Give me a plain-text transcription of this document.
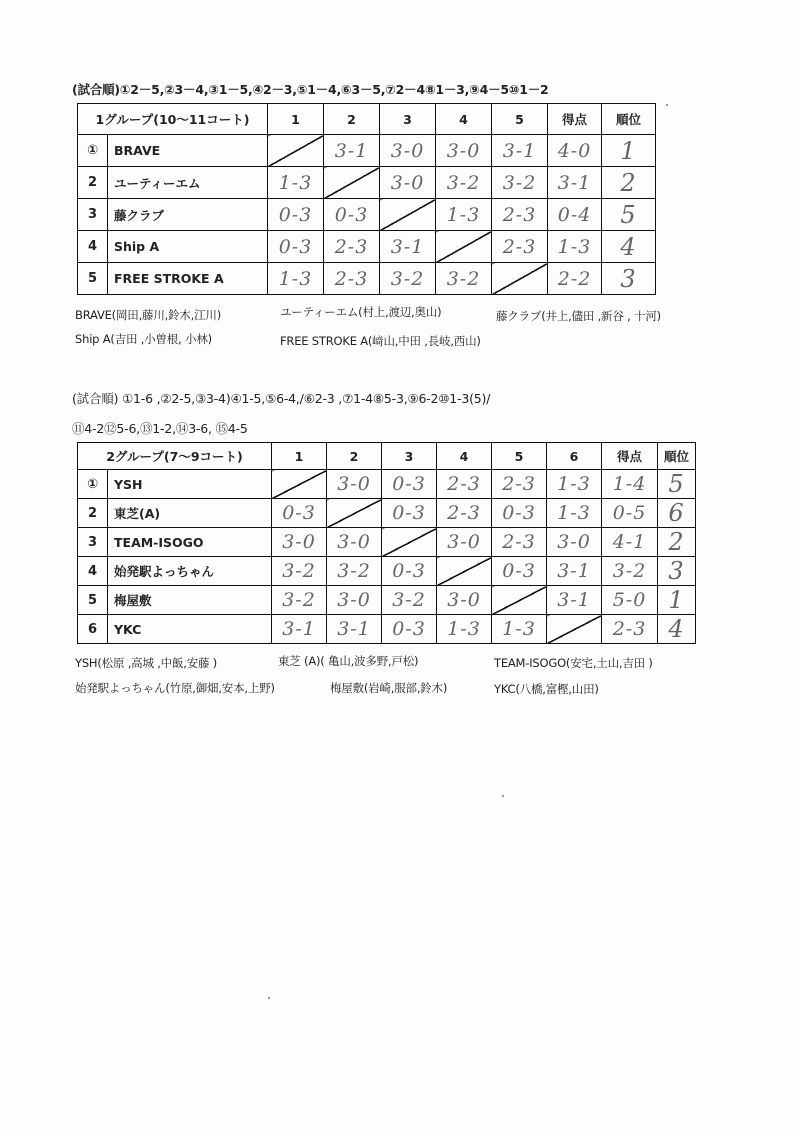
(試合順)①2－5,②3－4,③1－5,④2－3,⑤1－4,⑥3－5,⑦2－4⑧1－3,⑨4－5⑩1－2
1グループ(10～11コート)		1	2	3	4	5	得点	順位
①	BRAVE		3-1	3-0	3-0	3-1	4-0	1
2	ユーティーエム	1-3		3-0	3-2	3-2	3-1	2
3	藤クラブ	0-3	0-3		1-3	2-3	0-4	5
4	Ship A	0-3	2-3	3-1		2-3	1-3	4
5	FREE STROKE A	1-3	2-3	3-2	3-2		2-2	3
BRAVE(岡田,藤川,鈴木,江川)	ユーティーエム(村上,渡辺,奥山)	藤クラブ(井上,儘田 ,新谷 , 十河)
Ship A(吉田 ,小曽根, 小林)	FREE STROKE A(﨑山,中田 ,長岐,西山)
(試合順) ①1-6 ,②2-5,③3-4)④1-5,⑤6-4,/⑥2-3 ,⑦1-4⑧5-3,⑨6-2⑩1-3(5)/
⑪4-2⑫5-6,⑬1-2,⑭3-6, ⑮4-5
2グループ(7～9コート)		1	2	3	4	5	6	得点	順位
①	YSH		3-0	0-3	2-3	2-3	1-3	1-4	5
2	東芝(A)	0-3		0-3	2-3	0-3	1-3	0-5	6
3	TEAM-ISOGO	3-0	3-0		3-0	2-3	3-0	4-1	2
4	始発駅よっちゃん	3-2	3-2	0-3		0-3	3-1	3-2	3
5	梅屋敷	3-2	3-0	3-2	3-0		3-1	5-0	1
6	YKC	3-1	3-1	0-3	1-3	1-3		2-3	4
YSH(松原 ,高城 ,中飯,安藤 )	東芝 (A)( 亀山,波多野,戸松)	TEAM-ISOGO(安宅,土山,吉田 )
始発駅よっちゃん(竹原,御畑,安本,上野)	梅屋敷(岩崎,服部,鈴木)	YKC(八橋,富樫,山田)
